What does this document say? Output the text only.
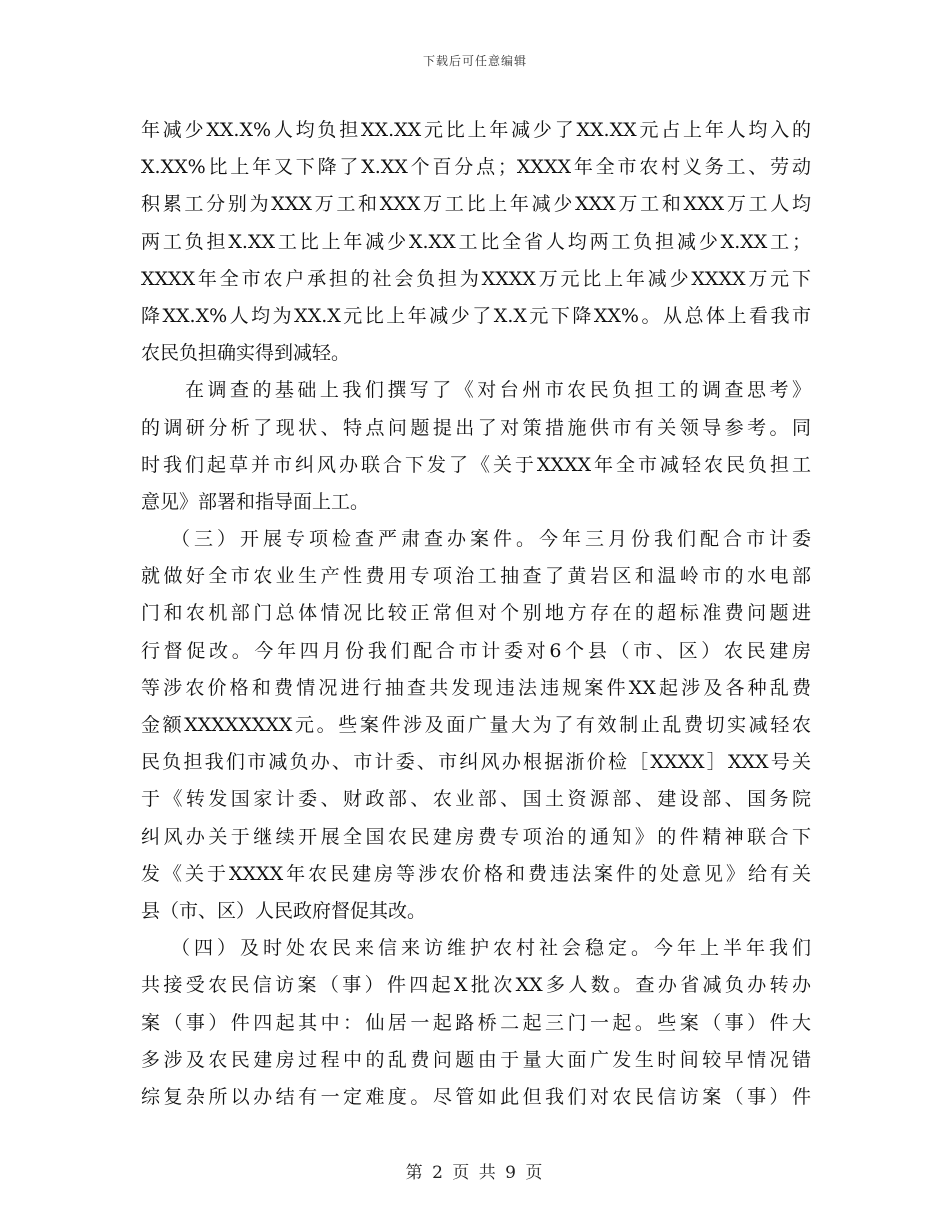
下载后可任意编辑
年减少XX.X%人均负担XX.XX元比上年减少了XX.XX元占上年人均入的
X.XX%比上年又下降了X.XX个百分点；XXXX年全市农村义务工、劳动
积累工分别为XXX万工和XXX万工比上年减少XXX万工和XXX万工人均
两工负担X.XX工比上年减少X.XX工比全省人均两工负担减少X.XX工；
XXXX年全市农户承担的社会负担为XXXX万元比上年减少XXXX万元下
降XX.X%人均为XX.X元比上年减少了X.X元下降XX%。从总体上看我市
农民负担确实得到减轻。
在调查的基础上我们撰写了《对台州市农民负担工的调查思考》
的调研分析了现状、特点问题提出了对策措施供市有关领导参考。同
时我们起草并市纠风办联合下发了《关于XXXX年全市减轻农民负担工
意见》部署和指导面上工。
（三）开展专项检查严肃查办案件。今年三月份我们配合市计委
就做好全市农业生产性费用专项治工抽查了黄岩区和温岭市的水电部
门和农机部门总体情况比较正常但对个别地方存在的超标准费问题进
行督促改。今年四月份我们配合市计委对6个县（市、区）农民建房
等涉农价格和费情况进行抽查共发现违法违规案件XX起涉及各种乱费
金额XXXXXXXX元。些案件涉及面广量大为了有效制止乱费切实减轻农
民负担我们市减负办、市计委、市纠风办根据浙价检［XXXX］XXX号关
于《转发国家计委、财政部、农业部、国土资源部、建设部、国务院
纠风办关于继续开展全国农民建房费专项治的通知》的件精神联合下
发《关于XXXX年农民建房等涉农价格和费违法案件的处意见》给有关
县（市、区）人民政府督促其改。
（四）及时处农民来信来访维护农村社会稳定。今年上半年我们
共接受农民信访案（事）件四起X批次XX多人数。查办省减负办转办
案（事）件四起其中：仙居一起路桥二起三门一起。些案（事）件大
多涉及农民建房过程中的乱费问题由于量大面广发生时间较早情况错
综复杂所以办结有一定难度。尽管如此但我们对农民信访案（事）件
第 2 页 共 9 页
